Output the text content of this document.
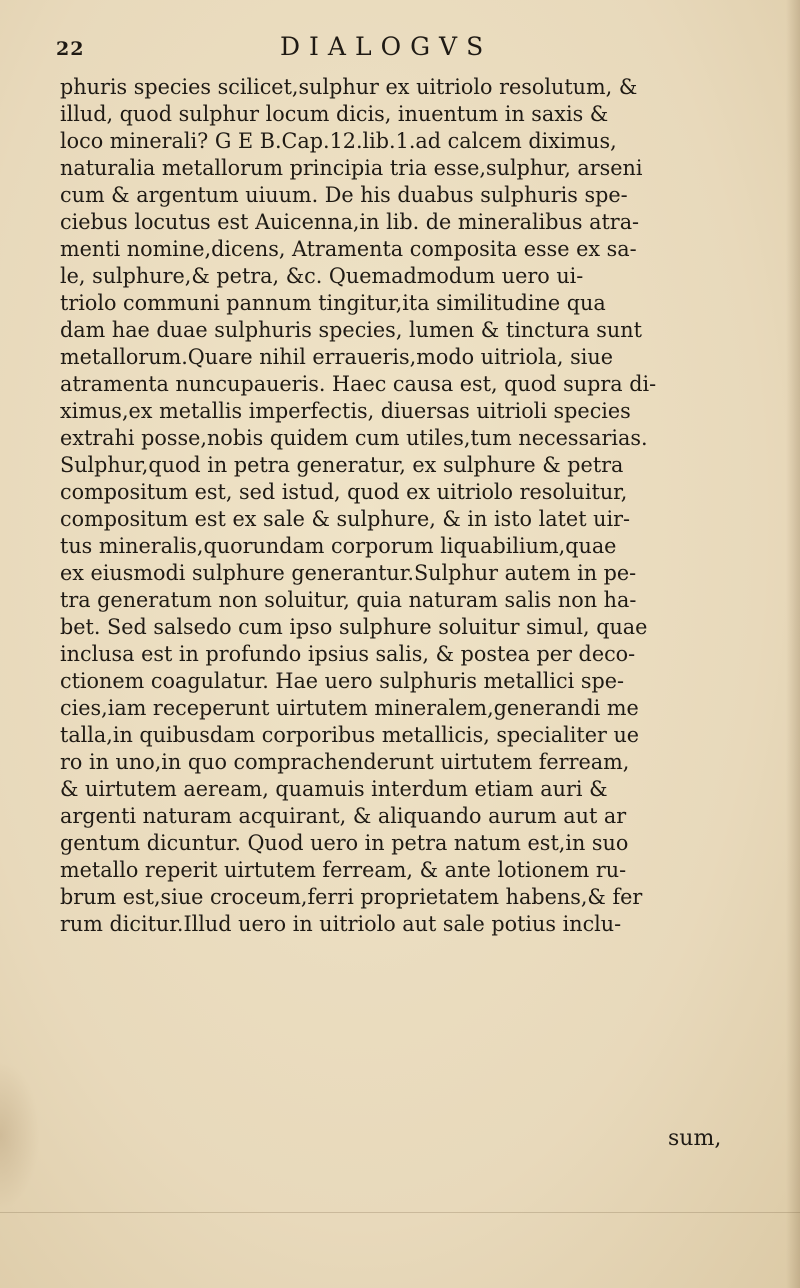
22	DIALOGVS
phuris species scilicet,sulphur ex uitriolo resolutum, &
illud, quod sulphur locum dicis, inuentum in saxis &
loco minerali? G E B.Cap.12.lib.1.ad calcem diximus,
naturalia metallorum principia tria esse,sulphur, arseni
cum & argentum uiuum. De his duabus sulphuris spe-
ciebus locutus est Auicenna,in lib. de mineralibus atra-
menti nomine,dicens, Atramenta composita esse ex sa-
le, sulphure,& petra, &c. Quemadmodum uero ui-
triolo communi pannum tingitur,ita similitudine qua
dam hae duae sulphuris species, lumen & tinctura sunt
metallorum.Quare nihil erraueris,modo uitriola, siue
atramenta nuncupaueris. Haec causa est, quod supra di-
ximus,ex metallis imperfectis, diuersas uitrioli species
extrahi posse,nobis quidem cum utiles,tum necessarias.
Sulphur,quod in petra generatur, ex sulphure & petra
compositum est, sed istud, quod ex uitriolo resoluitur,
compositum est ex sale & sulphure, & in isto latet uir-
tus mineralis,quorundam corporum liquabilium,quae
ex eiusmodi sulphure generantur.Sulphur autem in pe-
tra generatum non soluitur, quia naturam salis non ha-
bet. Sed salsedo cum ipso sulphure soluitur simul, quae
inclusa est in profundo ipsius salis, & postea per deco-
ctionem coagulatur. Hae uero sulphuris metallici spe-
cies,iam receperunt uirtutem mineralem,generandi me
talla,in quibusdam corporibus metallicis, specialiter ue
ro in uno,in quo comprachenderunt uirtutem ferream,
& uirtutem aeream, quamuis interdum etiam auri &
argenti naturam acquirant, & aliquando aurum aut ar
gentum dicuntur. Quod uero in petra natum est,in suo
metallo reperit uirtutem ferream, & ante lotionem ru-
brum est,siue croceum,ferri proprietatem habens,& fer
rum dicitur.Illud uero in uitriolo aut sale potius inclu-
sum,
